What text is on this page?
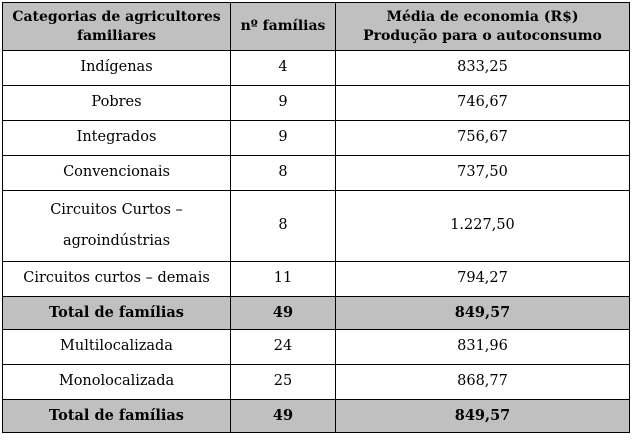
Categorias de agricultores familiares	nº famílias	Média de economia (R$)
Produção para o autoconsumo

Indígenas	4	833,25
Pobres	9	746,67
Integrados	9	756,67
Convencionais	8	737,50

Circuitos Curtos –
agroindústrias	8	1.227,50
Circuitos curtos – demais	11	794,27
Total de famílias	49	849,57
Multilocalizada	24	831,96
Monolocalizada	25	868,77
Total de famílias	49	849,57
